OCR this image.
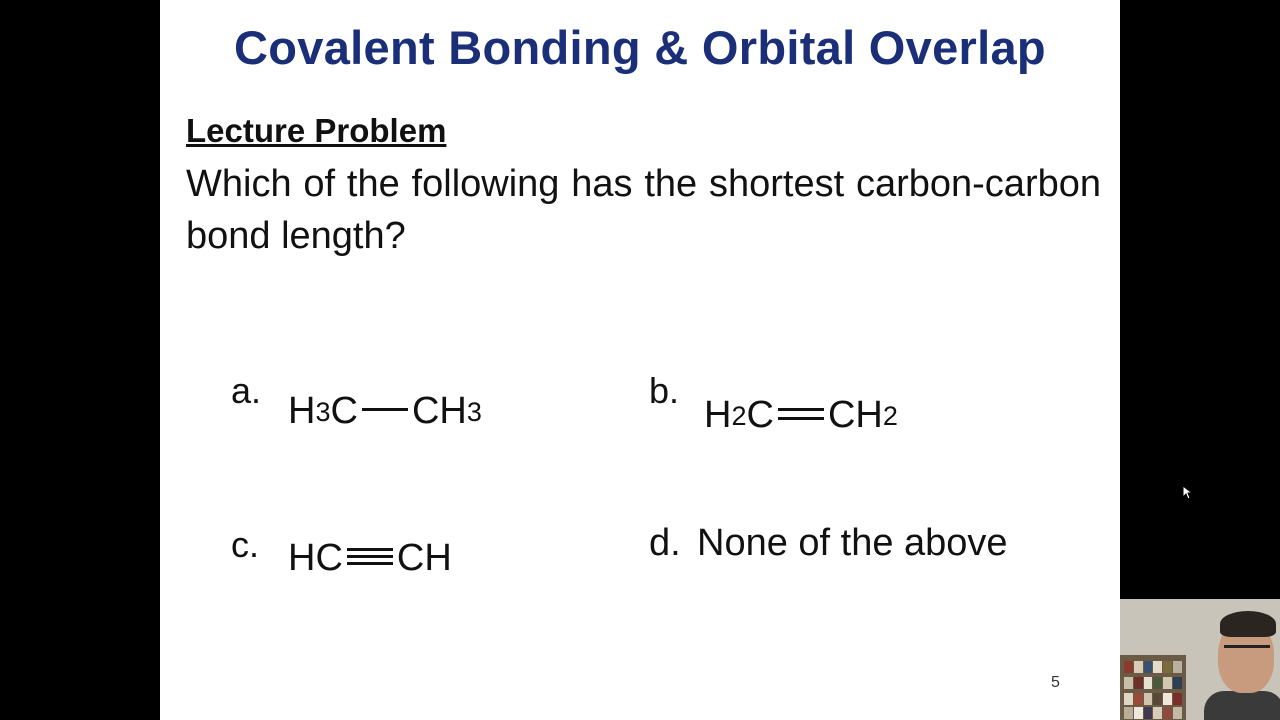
Covalent Bonding & Orbital Overlap
Lecture Problem
Which of the following has the shortest carbon-carbon bond length?
a. H 3 C CH 3
b.
H 2 C CH 2
c. HC CH	d. None of the above
5
